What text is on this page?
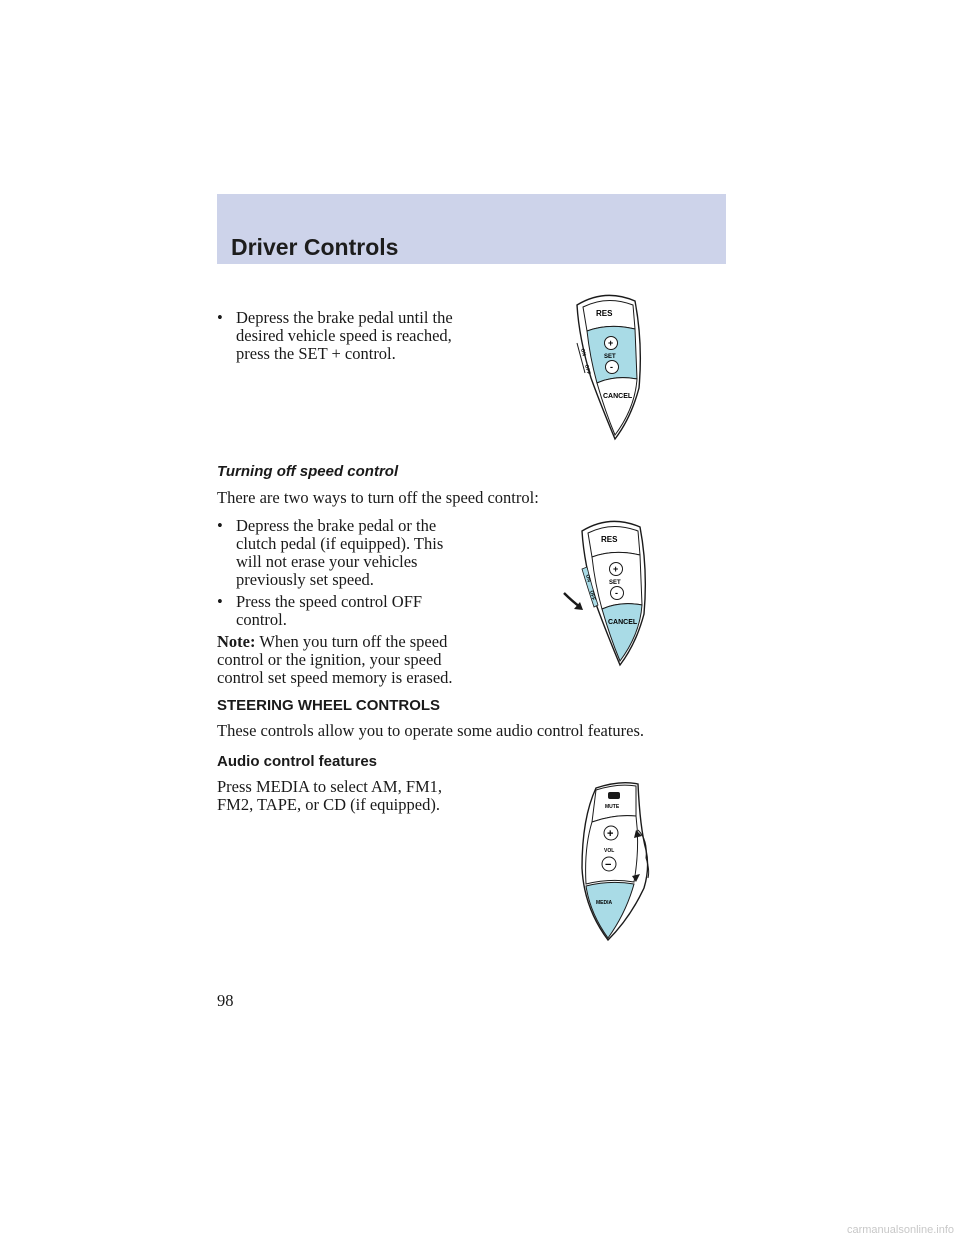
Driver Controls
• Depress the brake pedal until the
desired vehicle speed is reached,
press the SET + control.
RES
+
SET
-
ON
OFF
CANCEL
Turning off speed control
There are two ways to turn off the speed control:
• Depress the brake pedal or the
clutch pedal (if equipped). This
will not erase your vehicles
previously set speed.
• Press the speed control OFF
control.
Note: When you turn off the speed
control or the ignition, your speed
control set speed memory is erased.
RES
+
SET
-
ON
OFF
CANCEL
STEERING WHEEL CONTROLS
These controls allow you to operate some audio control features.
Audio control features
Press MEDIA to select AM, FM1,
FM2, TAPE, or CD (if equipped).	MUTE
+
VOL
−
MEDIA
98
carmanualsonline.info
